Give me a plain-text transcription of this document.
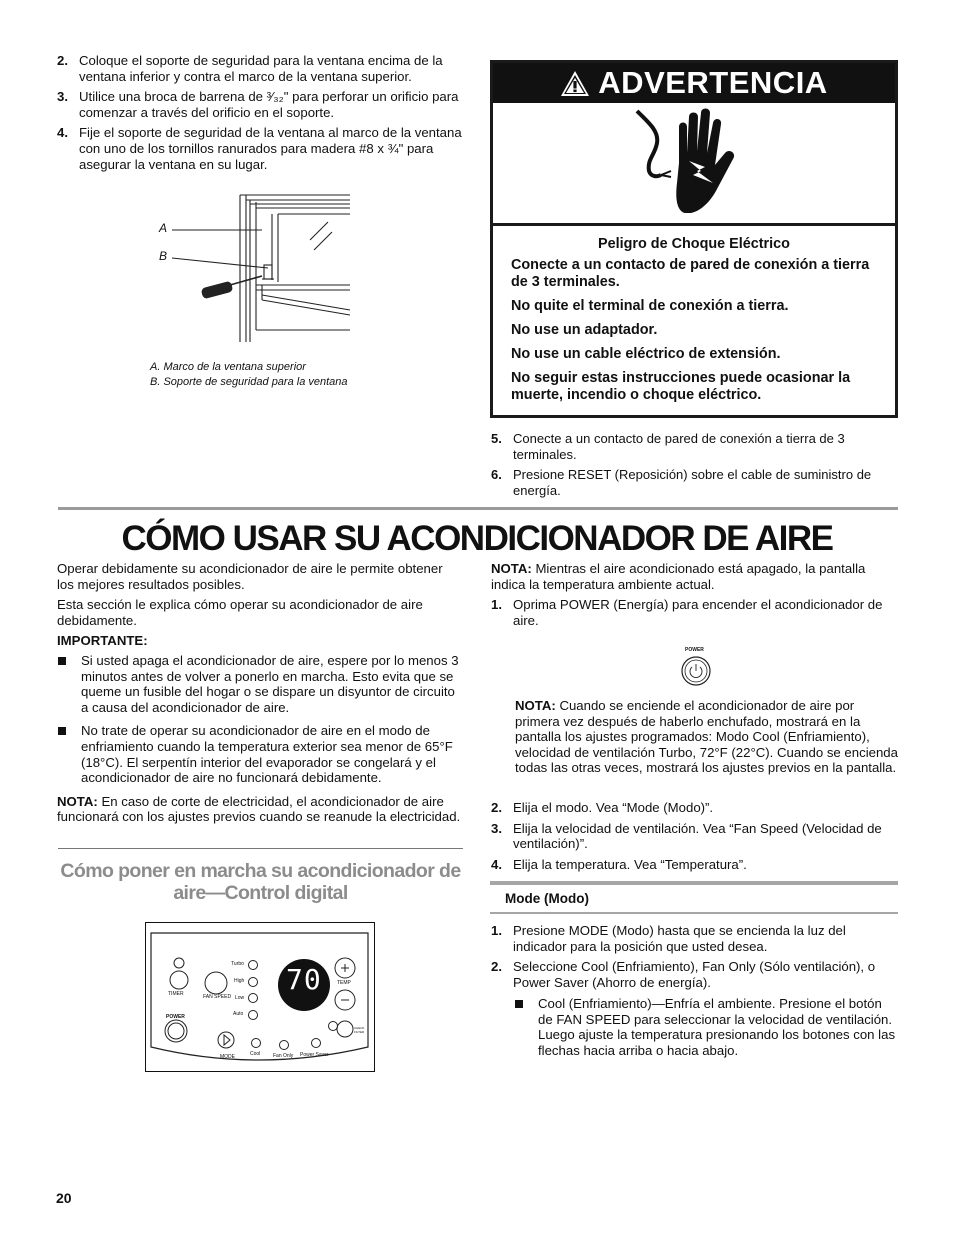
2. Coloque el soporte de seguridad para la ventana encima de la ventana inferior y contra el marco de la ventana superior.
3. Utilice una broca de barrena de ³⁄₃₂" para perforar un orificio para comenzar a través del orificio en el soporte.
4. Fije el soporte de seguridad de la ventana al marco de la ventana con uno de los tornillos ranurados para madera #8 x ¾" para asegurar la ventana en su lugar.
A
B
A. Marco de la ventana superior
B. Soporte de seguridad para la ventana
ADVERTENCIA
Peligro de Choque Eléctrico
Conecte a un contacto de pared de conexión a tierra de 3 terminales.
No quite el terminal de conexión a tierra.
No use un adaptador.
No use un cable eléctrico de extensión.
No seguir estas instrucciones puede ocasionar la muerte, incendio o choque eléctrico.
5. Conecte a un contacto de pared de conexión a tierra de 3 terminales.
6. Presione RESET (Reposición) sobre el cable de suministro de energía.
CÓMO USAR SU ACONDICIONADOR DE AIRE

Operar debidamente su acondicionador de aire le permite obtener los mejores resultados posibles.

Esta sección le explica cómo operar su acondicionador de aire debidamente.

IMPORTANTE:

Si usted apaga el acondicionador de aire, espere por lo menos 3 minutos antes de volver a ponerlo en marcha. Esto evita que se queme un fusible del hogar o se dispare un disyuntor de circuito a causa del acondicionador de aire.
No trate de operar su acondicionador de aire en el modo de enfriamiento cuando la temperatura exterior sea menor de 65°F (18°C). El serpentín interior del evaporador se congelará y el acondicionador de aire no funcionará debidamente.

NOTA: En caso de corte de electricidad, el acondicionador de aire funcionará con los ajustes previos cuando se reanude la electricidad.

Cómo poner en marcha su acondicionador de aire—Control digital
70
TIMER	FAN SPEED
POWER
MODE
Turbo
High
Low
Auto
TEMP
Cool	Fan Only Power Saver
CHECK FILTER

NOTA: Mientras el aire acondicionado está apagado, la pantalla indica la temperatura ambiente actual.

1. Oprima POWER (Energía) para encender el acondicionador de aire.
POWER

NOTA: Cuando se enciende el acondicionador de aire por primera vez después de haberlo enchufado, mostrará en la pantalla los ajustes programados: Modo Cool (Enfriamiento), velocidad de ventilación Turbo, 72°F (22°C). Cuando se encienda todas las otras veces, mostrará los ajustes previos en la pantalla.

2. Elija el modo. Vea “Mode (Modo)”.
3. Elija la velocidad de ventilación. Vea “Fan Speed (Velocidad de ventilación)”.
4. Elija la temperatura. Vea “Temperatura”.
Mode (Modo)
1. Presione MODE (Modo) hasta que se encienda la luz del indicador para la posición que usted desea.
2. Seleccione Cool (Enfriamiento), Fan Only (Sólo ventilación), o Power Saver (Ahorro de energía).
Cool (Enfriamiento)—Enfría el ambiente. Presione el botón de FAN SPEED para seleccionar la velocidad de ventilación. Luego ajuste la temperatura presionando los botones con las flechas hacia arriba o hacia abajo.
20
